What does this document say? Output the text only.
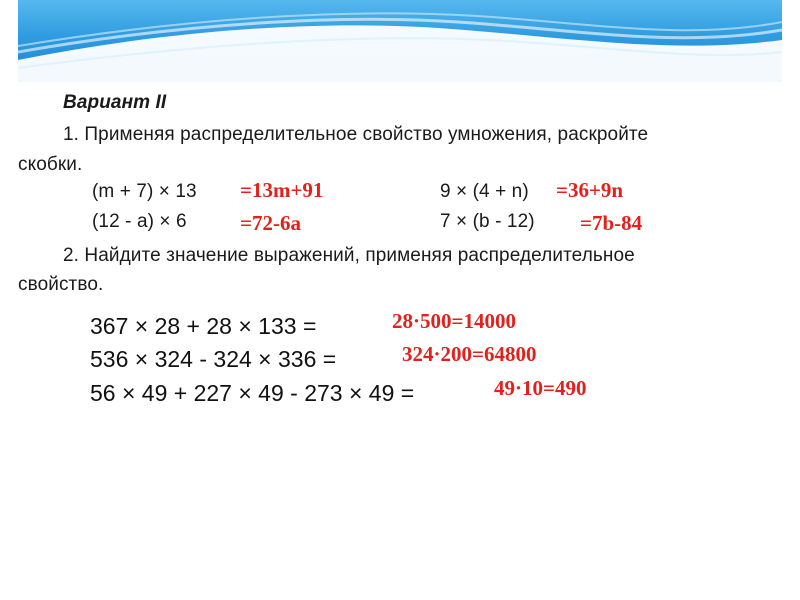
Вариант II
1. Применяя распределительное свойство умножения, раскройте
скобки.
(m + 7) × 13 =13m+91	9 × (4 + n) =36+9n
(12 - a) × 6	=72-6a	7 × (b - 12) =7b-84
2. Найдите значение выражений, применяя распределительное
свойство.
367 × 28 + 28 × 133 =	28·500=14000
536 × 324 - 324 × 336 =	324·200=64800
56 × 49 + 227 × 49 - 273 × 49 =	49·10=490
